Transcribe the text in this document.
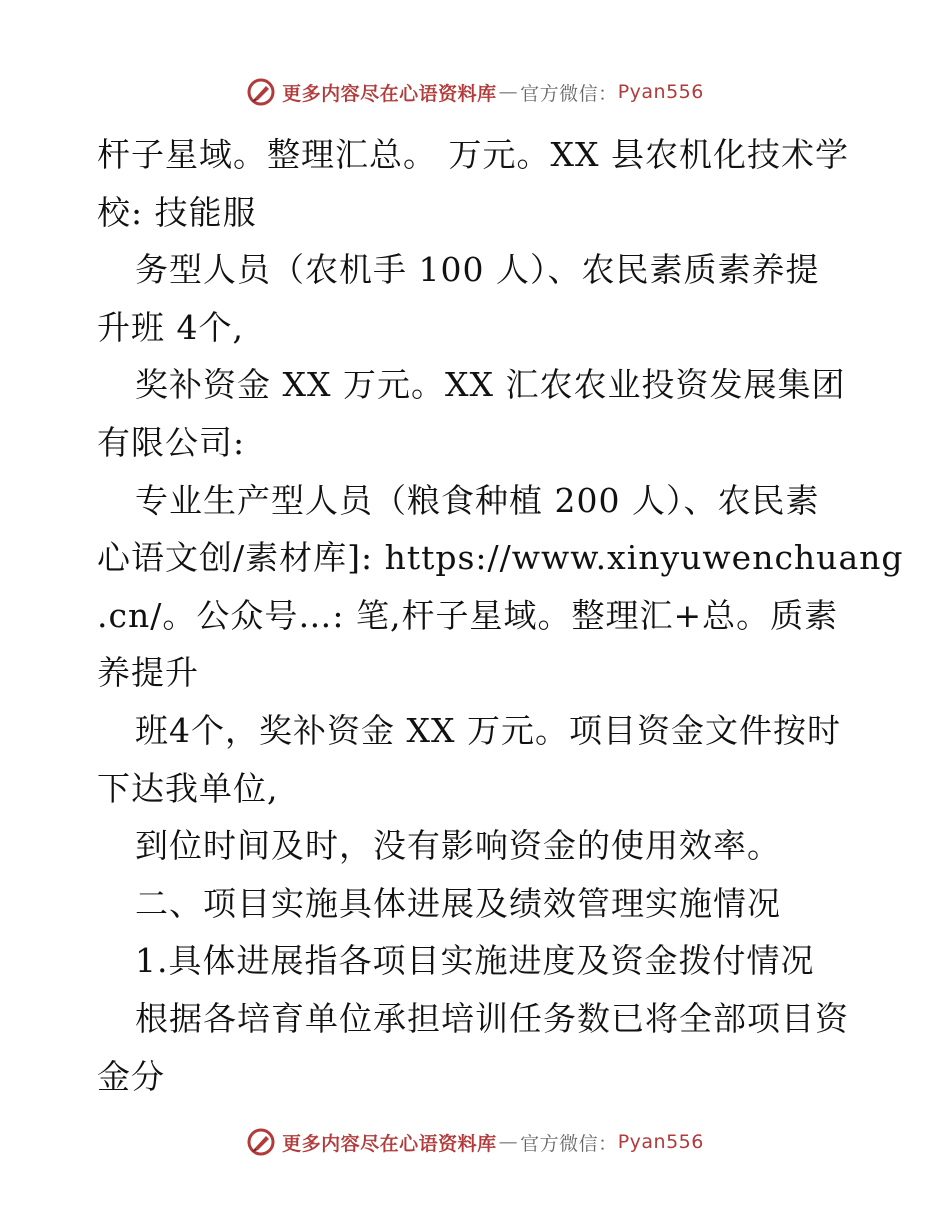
更多内容尽在心语资料库 — 官方微信： Pyan556
杆子星域。整理汇总。 万元。XX 县农机化技术学
校: 技能服
务型人员（农机手 100 人）、农民素质素养提
升班 4个,
奖补资金 XX 万元。XX 汇农农业投资发展集团
有限公司:
专业生产型人员（粮食种植 200 人）、农民素
心语文创/素材库]: https://www.xinyuwenchuang
.cn/。公众号…: 笔,杆子星域。整理汇+总。质素
养提升
班4个，奖补资金 XX 万元。项目资金文件按时
下达我单位,
到位时间及时，没有影响资金的使用效率。
二、项目实施具体进展及绩效管理实施情况
1.具体进展指各项目实施进度及资金拨付情况
根据各培育单位承担培训任务数已将全部项目资
金分
更多内容尽在心语资料库 — 官方微信： Pyan556
